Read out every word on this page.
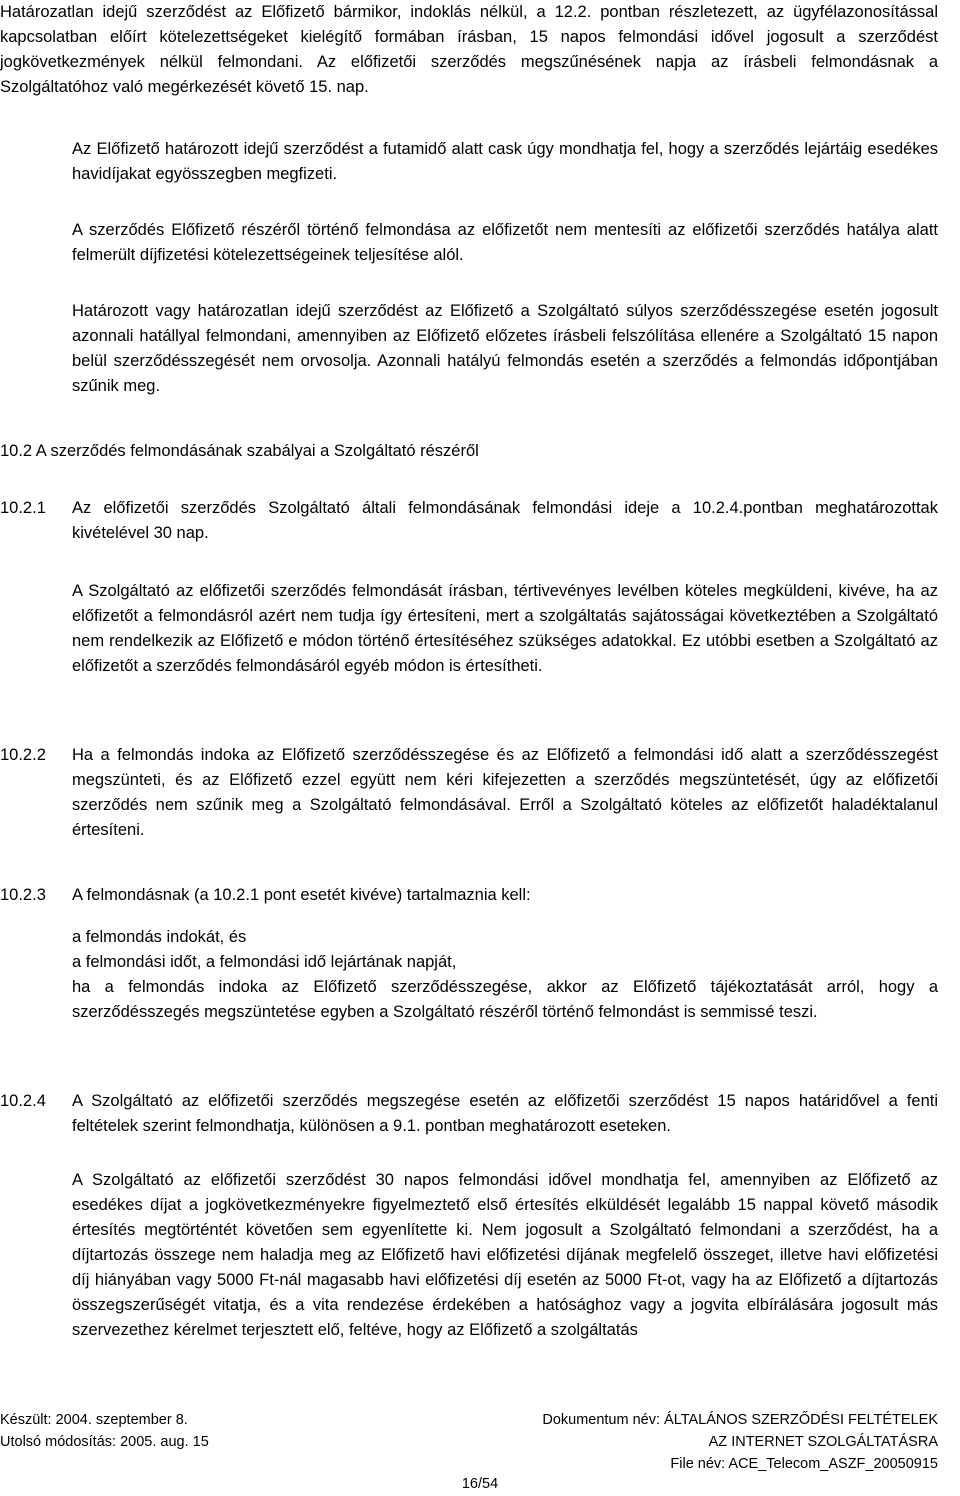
Határozatlan idejű szerződést az Előfizető bármikor, indoklás nélkül, a 12.2. pontban részletezett, az ügyfélazonosítással kapcsolatban előírt kötelezettségeket kielégítő formában írásban, 15 napos felmondási idővel jogosult a szerződést jogkövetkezmények nélkül felmondani. Az előfizetői szerződés megszűnésének napja az írásbeli felmondásnak a Szolgáltatóhoz való megérkezését követő 15. nap.
Az Előfizető határozott idejű szerződést a futamidő alatt cask úgy mondhatja fel, hogy a szerződés lejártáig esedékes havidíjakat egyösszegben megfizeti.
A szerződés Előfizető részéről történő felmondása az előfizetőt nem mentesíti az előfizetői szerződés hatálya alatt felmerült díjfizetési kötelezettségeinek teljesítése alól.
Határozott vagy határozatlan idejű szerződést az Előfizető a Szolgáltató súlyos szerződésszegése esetén jogosult azonnali hatállyal felmondani, amennyiben az Előfizető előzetes írásbeli felszólítása ellenére a Szolgáltató 15 napon belül szerződésszegését nem orvosolja. Azonnali hatályú felmondás esetén a szerződés a felmondás időpontjában szűnik meg.
10.2 A szerződés felmondásának szabályai a Szolgáltató részéről
10.2.1 Az előfizetői szerződés Szolgáltató általi felmondásának felmondási ideje a 10.2.4.pontban meghatározottak kivételével 30 nap.
A Szolgáltató az előfizetői szerződés felmondását írásban, tértivevényes levélben köteles megküldeni, kivéve, ha az előfizetőt a felmondásról azért nem tudja így értesíteni, mert a szolgáltatás sajátosságai következtében a Szolgáltató nem rendelkezik az Előfizető e módon történő értesítéséhez szükséges adatokkal. Ez utóbbi esetben a Szolgáltató az előfizetőt a szerződés felmondásáról egyéb módon is értesítheti.
10.2.2 Ha a felmondás indoka az Előfizető szerződésszegése és az Előfizető a felmondási idő alatt a szerződésszegést megszünteti, és az Előfizető ezzel együtt nem kéri kifejezetten a szerződés megszüntetését, úgy az előfizetői szerződés nem szűnik meg a Szolgáltató felmondásával. Erről a Szolgáltató köteles az előfizetőt haladéktalanul értesíteni.
10.2.3 A felmondásnak (a 10.2.1 pont esetét kivéve) tartalmaznia kell:
a felmondás indokát, és
a felmondási időt, a felmondási idő lejártának napját,
ha a felmondás indoka az Előfizető szerződésszegése, akkor az Előfizető tájékoztatását arról, hogy a szerződésszegés megszüntetése egyben a Szolgáltató részéről történő felmondást is semmissé teszi.
10.2.4 A Szolgáltató az előfizetői szerződés megszegése esetén az előfizetői szerződést 15 napos határidővel a fenti feltételek szerint felmondhatja, különösen a 9.1. pontban meghatározott eseteken.
A Szolgáltató az előfizetői szerződést 30 napos felmondási idővel mondhatja fel, amennyiben az Előfizető az esedékes díjat a jogkövetkezményekre figyelmeztető első értesítés elküldését legalább 15 nappal követő második értesítés megtörténtét követően sem egyenlítette ki. Nem jogosult a Szolgáltató felmondani a szerződést, ha a díjtartozás összege nem haladja meg az Előfizető havi előfizetési díjának megfelelő összeget, illetve havi előfizetési díj hiányában vagy 5000 Ft-nál magasabb havi előfizetési díj esetén az 5000 Ft-ot, vagy ha az Előfizető a díjtartozás összegszerűségét vitatja, és a vita rendezése érdekében a hatósághoz vagy a jogvita elbírálására jogosult más szervezethez kérelmet terjesztett elő, feltéve, hogy az Előfizető a szolgáltatás
Készült: 2004. szeptember 8.
Utolsó módosítás: 2005. aug. 15
Dokumentum név: ÁLTALÁNOS SZERZŐDÉSI FELTÉTELEK
AZ INTERNET SZOLGÁLTATÁSRA
File név: ACE_Telecom_ASZF_20050915
16/54
